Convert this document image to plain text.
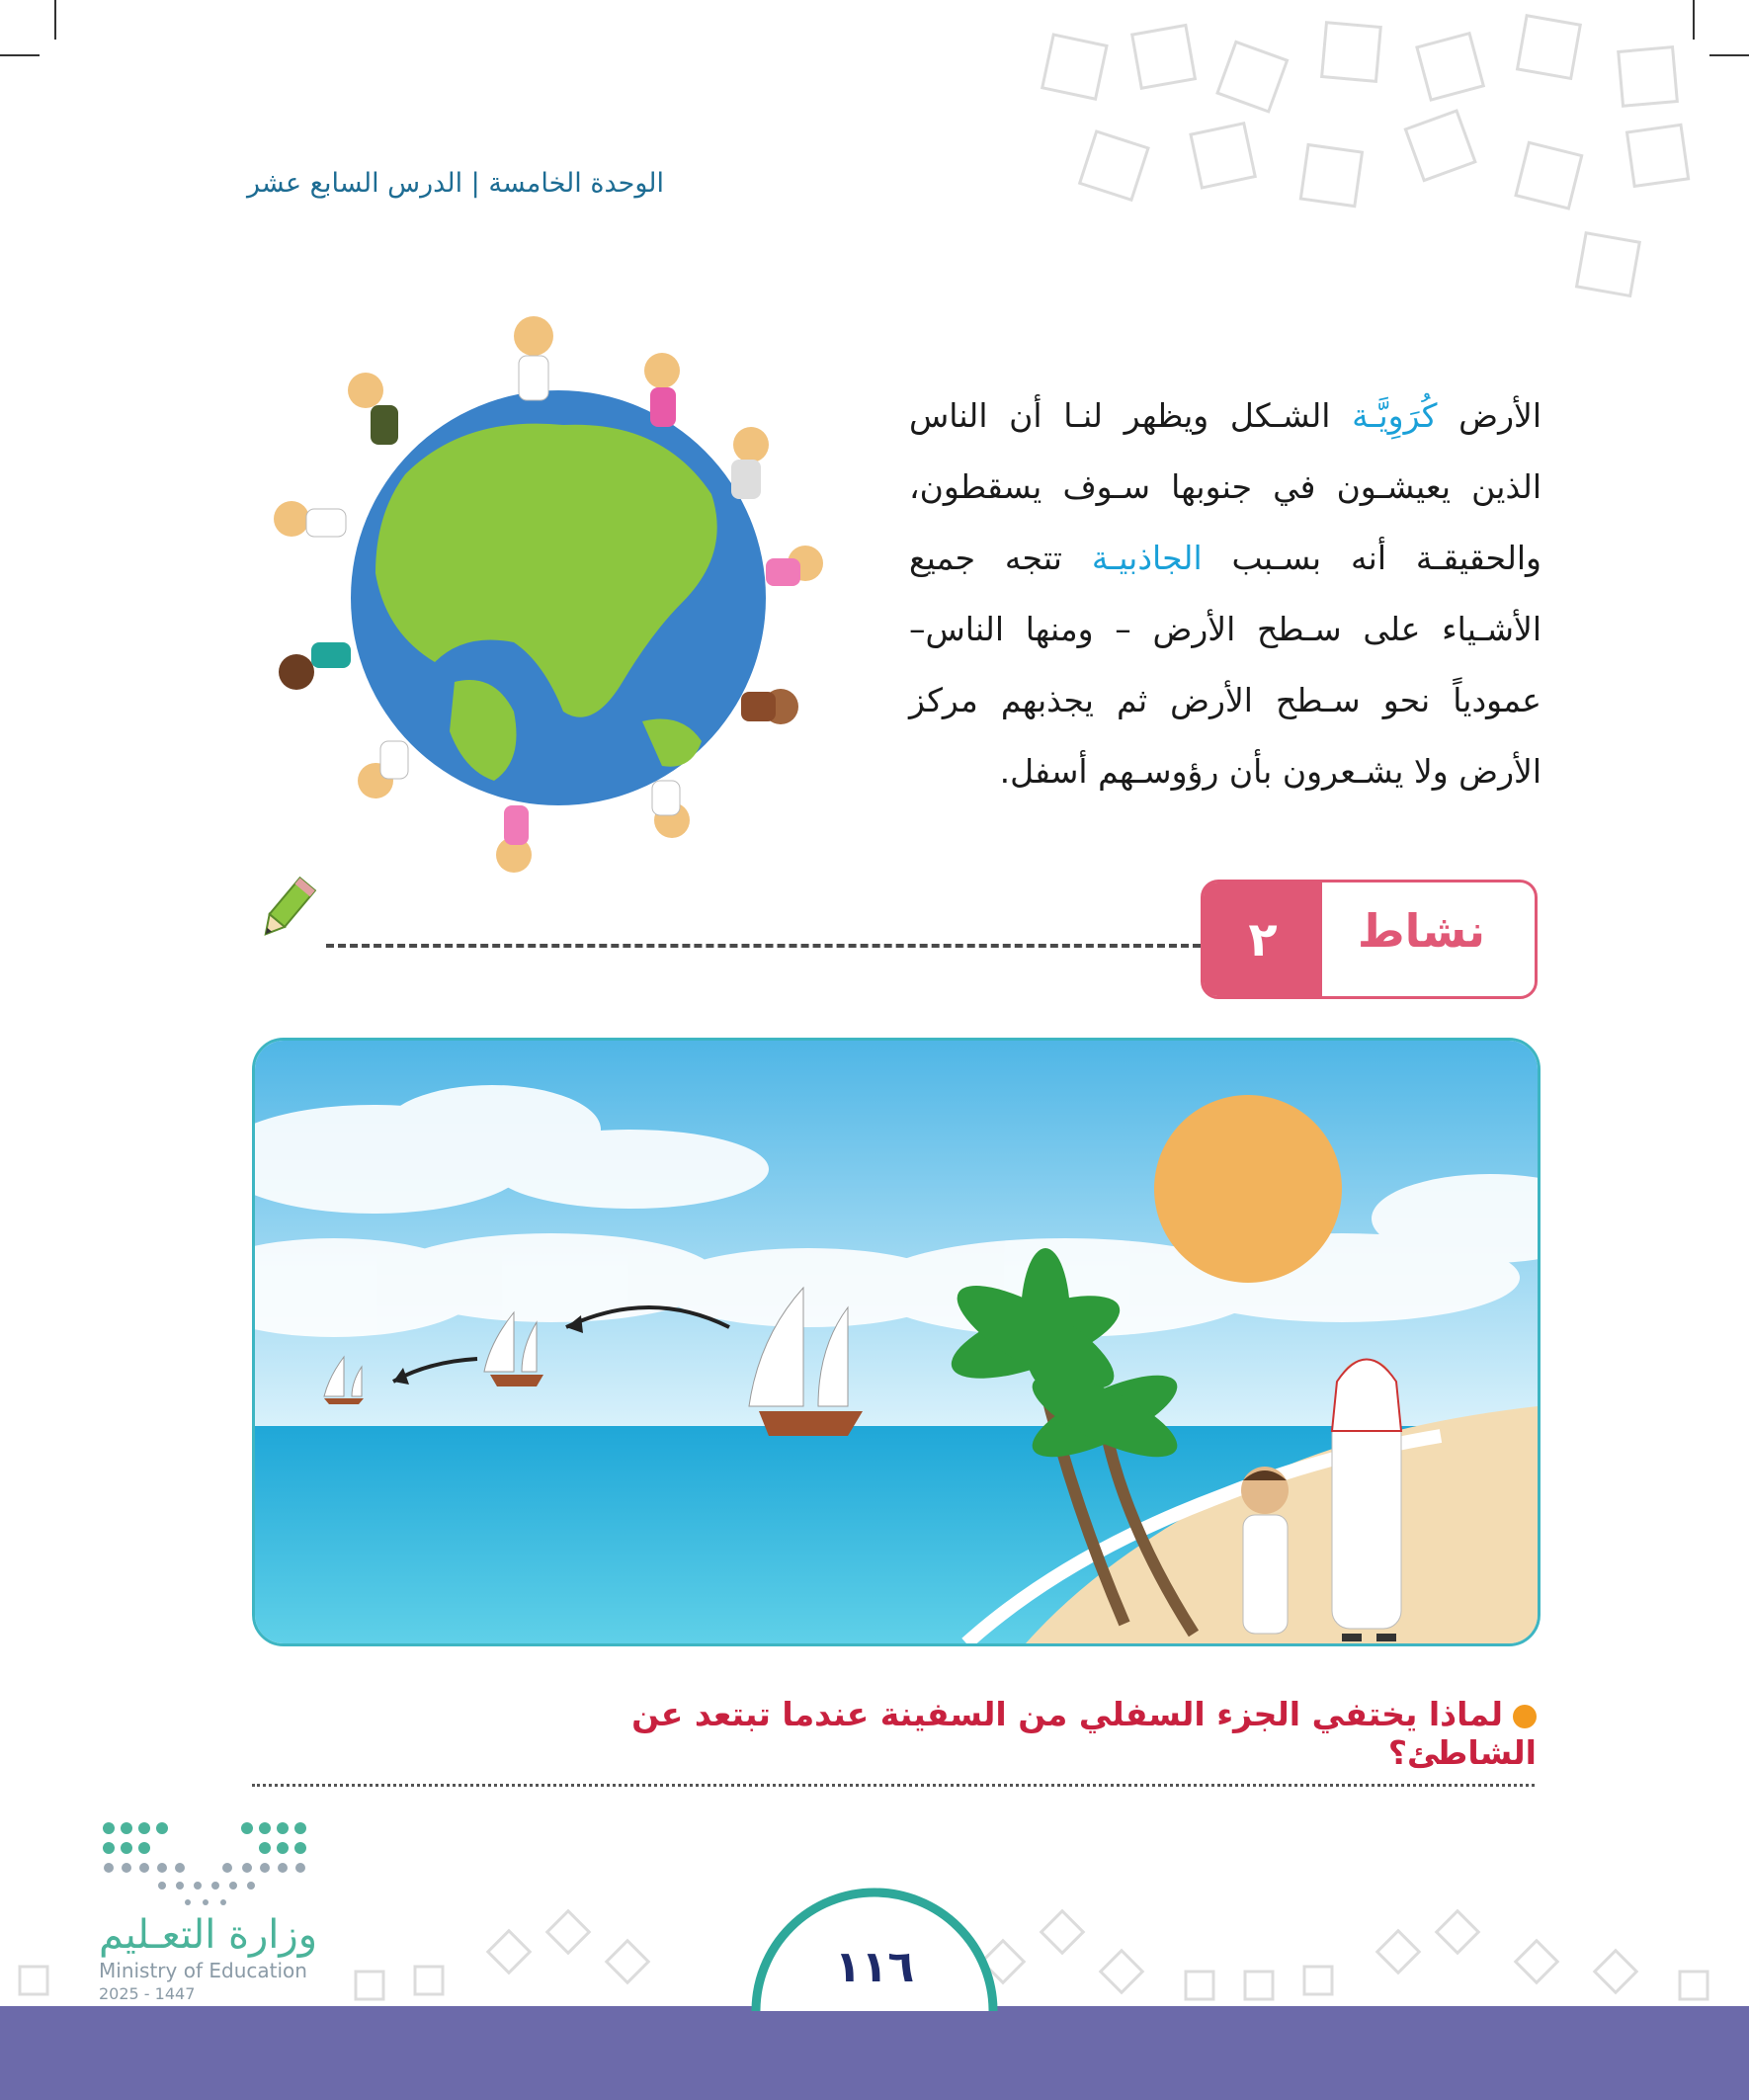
الوحدة الخامسة | الدرس السابع عشر
الأرض كُرَوِيَّـة الشـكل ويظهر لنـا أن الناس الذين يعيشـون في جنوبها سـوف يسقطون، والحقيقـة أنه بسـبب الجاذبيـة تتجه جميع الأشـياء على سـطح الأرض – ومنها الناس– عمودياً نحو سـطح الأرض ثم يجذبهم مركز الأرض ولا يشـعرون بأن رؤوسـهم أسفل.
نشاط
٢
لماذا يختفي الجزء السفلي من السفينة عندما تبتعد عن الشاطئ؟
وزارة التعـليم
Ministry of Education
2025 - 1447
١١٦
